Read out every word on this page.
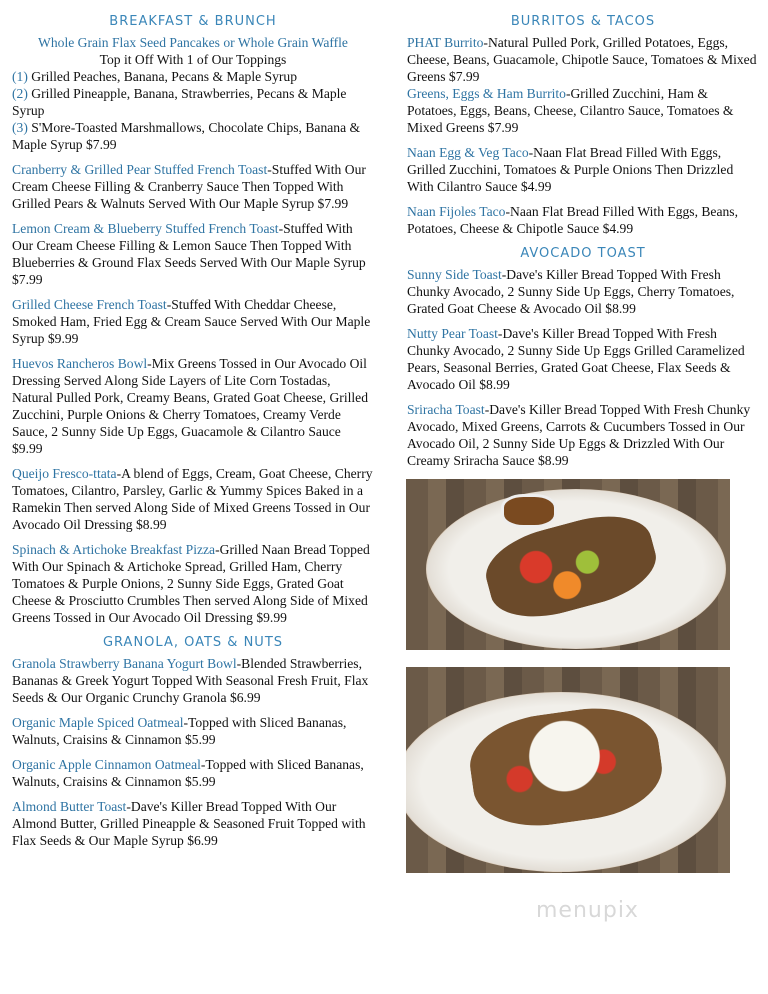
BREAKFAST & BRUNCH
Whole Grain Flax Seed Pancakes or Whole Grain Waffle
Top it Off With 1 of Our Toppings
(1) Grilled Peaches, Banana, Pecans & Maple Syrup
(2) Grilled Pineapple, Banana, Strawberries, Pecans & Maple Syrup
(3) S'More-Toasted Marshmallows, Chocolate Chips, Banana & Maple Syrup $7.99
Cranberry & Grilled Pear Stuffed French Toast-Stuffed With Our Cream Cheese Filling & Cranberry Sauce Then Topped With Grilled Pears & Walnuts Served With Our Maple Syrup $7.99
Lemon Cream & Blueberry Stuffed French Toast-Stuffed With Our Cream Cheese Filling & Lemon Sauce Then Topped With Blueberries & Ground Flax Seeds Served With Our Maple Syrup $7.99
Grilled Cheese French Toast-Stuffed With Cheddar Cheese, Smoked Ham, Fried Egg & Cream Sauce Served With Our Maple Syrup $9.99
Huevos Rancheros Bowl-Mix Greens Tossed in Our Avocado Oil Dressing Served Along Side Layers of Lite Corn Tostadas, Natural Pulled Pork, Creamy Beans, Grated Goat Cheese, Grilled Zucchini, Purple Onions & Cherry Tomatoes, Creamy Verde Sauce, 2 Sunny Side Up Eggs, Guacamole & Cilantro Sauce $9.99
Queijo Fresco-ttata-A blend of Eggs, Cream, Goat Cheese, Cherry Tomatoes, Cilantro, Parsley, Garlic & Yummy Spices Baked in a Ramekin Then served Along Side of Mixed Greens Tossed in Our Avocado Oil Dressing $8.99
Spinach & Artichoke Breakfast Pizza-Grilled Naan Bread Topped With Our Spinach & Artichoke Spread, Grilled Ham, Cherry Tomatoes & Purple Onions, 2 Sunny Side Eggs, Grated Goat Cheese & Prosciutto Crumbles Then served Along Side of Mixed Greens Tossed in Our Avocado Oil Dressing $9.99
GRANOLA, OATS & NUTS
Granola Strawberry Banana Yogurt Bowl-Blended Strawberries, Bananas & Greek Yogurt Topped With Seasonal Fresh Fruit, Flax Seeds & Our Organic Crunchy Granola $6.99
Organic Maple Spiced Oatmeal-Topped with Sliced Bananas, Walnuts, Craisins & Cinnamon $5.99
Organic Apple Cinnamon Oatmeal-Topped with Sliced Bananas, Walnuts, Craisins & Cinnamon $5.99
Almond Butter Toast-Dave's Killer Bread Topped With Our Almond Butter, Grilled Pineapple & Seasoned Fruit Topped with Flax Seeds & Our Maple Syrup $6.99
BURRITOS & TACOS
PHAT Burrito-Natural Pulled Pork, Grilled Potatoes, Eggs, Cheese, Beans, Guacamole, Chipotle Sauce, Tomatoes & Mixed Greens $7.99
Greens, Eggs & Ham Burrito-Grilled Zucchini, Ham & Potatoes, Eggs, Beans, Cheese, Cilantro Sauce, Tomatoes & Mixed Greens $7.99
Naan Egg & Veg Taco-Naan Flat Bread Filled With Eggs, Grilled Zucchini, Tomatoes & Purple Onions Then Drizzled With Cilantro Sauce $4.99
Naan Fijoles Taco-Naan Flat Bread Filled With Eggs, Beans, Potatoes, Cheese & Chipotle Sauce $4.99
AVOCADO TOAST
Sunny Side Toast-Dave's Killer Bread Topped With Fresh Chunky Avocado, 2 Sunny Side Up Eggs, Cherry Tomatoes, Grated Goat Cheese & Avocado Oil $8.99
Nutty Pear Toast-Dave's Killer Bread Topped With Fresh Chunky Avocado, 2 Sunny Side Up Eggs Grilled Caramelized Pears, Seasonal Berries, Grated Goat Cheese, Flax Seeds & Avocado Oil $8.99
Sriracha Toast-Dave's Killer Bread Topped With Fresh Chunky Avocado, Mixed Greens, Carrots & Cucumbers Tossed in Our Avocado Oil, 2 Sunny Side Up Eggs & Drizzled With Our Creamy Sriracha Sauce $8.99
menupix
